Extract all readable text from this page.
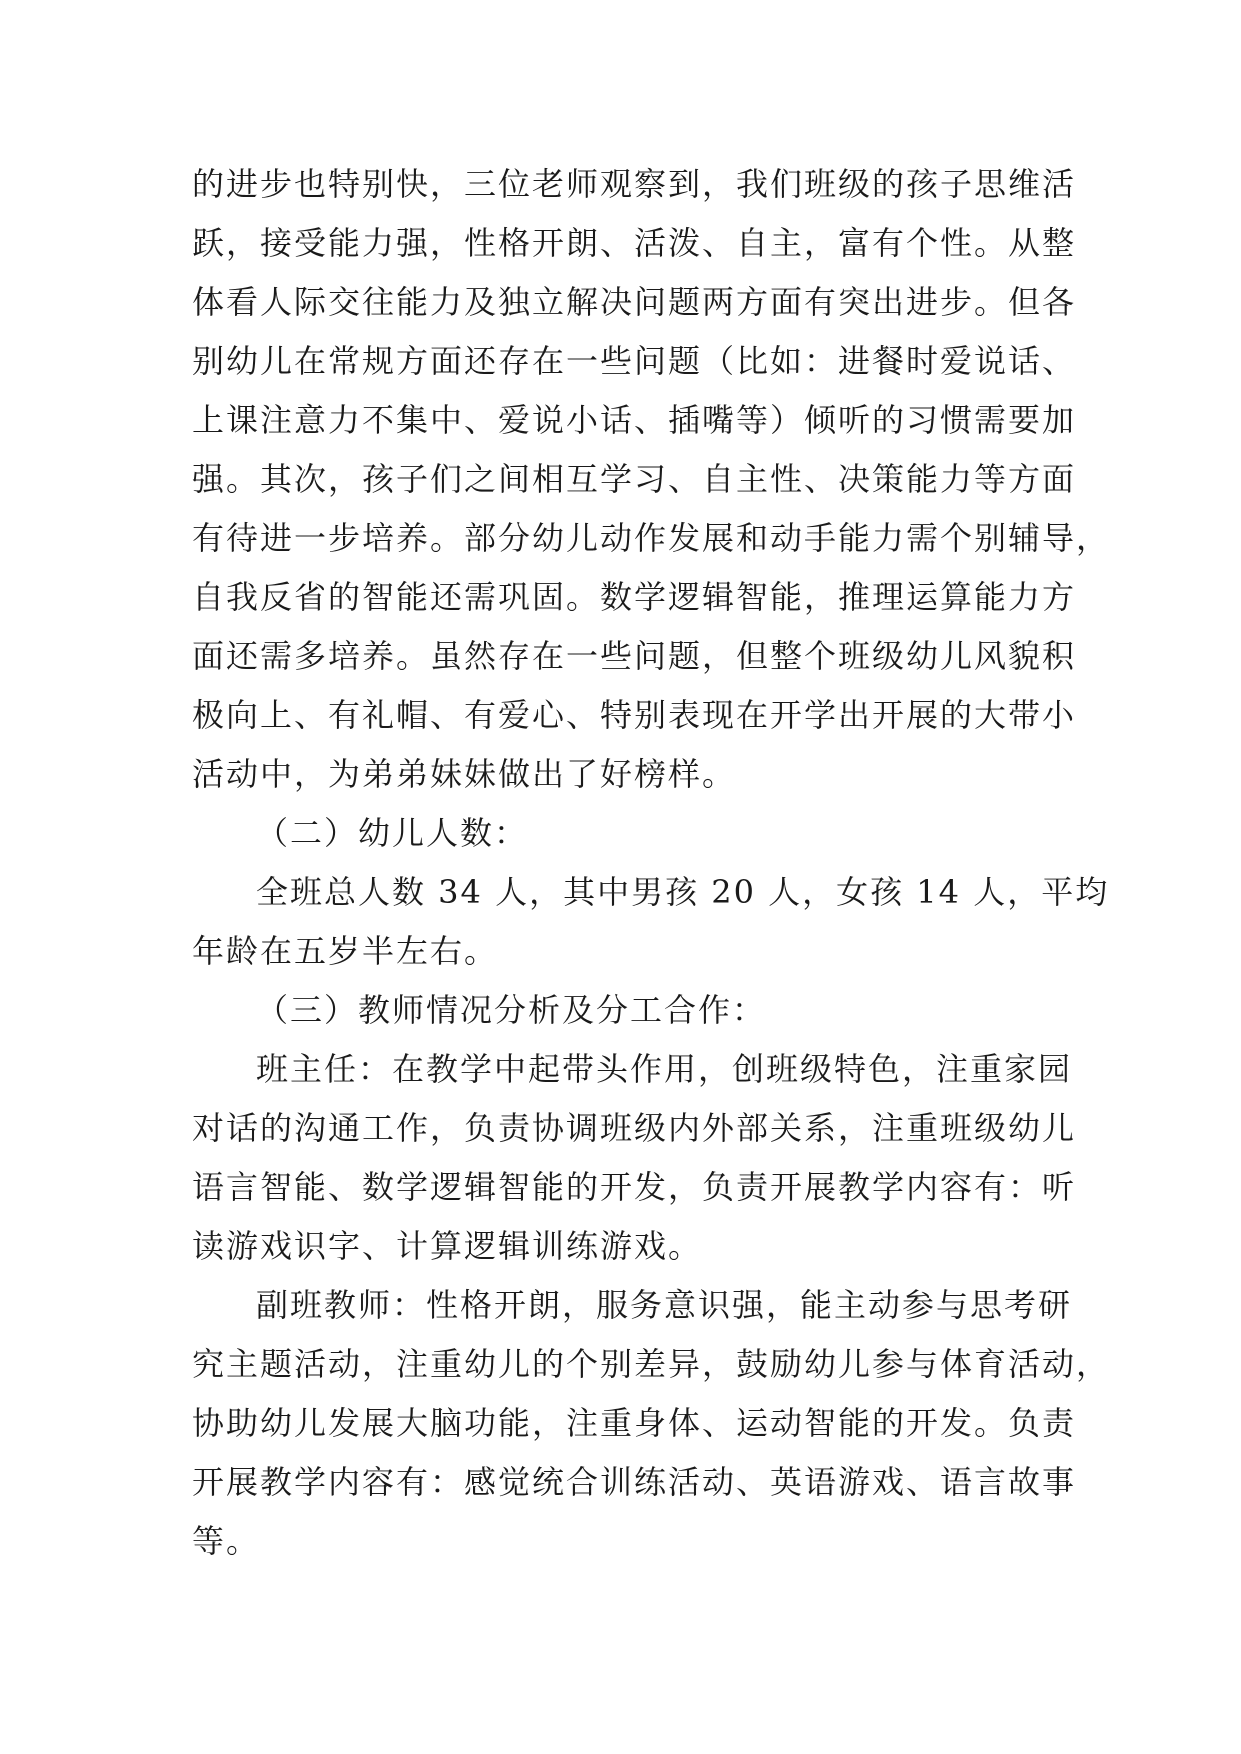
的进步也特别快，三位老师观察到，我们班级的孩子思维活
跃，接受能力强，性格开朗、活泼、自主，富有个性。从整
体看人际交往能力及独立解决问题两方面有突出进步。但各
别幼儿在常规方面还存在一些问题（比如：进餐时爱说话、
上课注意力不集中、爱说小话、插嘴等）倾听的习惯需要加
强。其次，孩子们之间相互学习、自主性、决策能力等方面
有待进一步培养。部分幼儿动作发展和动手能力需个别辅导，
自我反省的智能还需巩固。数学逻辑智能，推理运算能力方
面还需多培养。虽然存在一些问题，但整个班级幼儿风貌积
极向上、有礼帽、有爱心、特别表现在开学出开展的大带小
活动中，为弟弟妹妹做出了好榜样。
（二）幼儿人数：
全班总人数 34 人，其中男孩 20 人，女孩 14 人，平均
年龄在五岁半左右。
（三）教师情况分析及分工合作：
班主任：在教学中起带头作用，创班级特色，注重家园
对话的沟通工作，负责协调班级内外部关系，注重班级幼儿
语言智能、数学逻辑智能的开发，负责开展教学内容有：听
读游戏识字、计算逻辑训练游戏。
副班教师：性格开朗，服务意识强，能主动参与思考研
究主题活动，注重幼儿的个别差异，鼓励幼儿参与体育活动，
协助幼儿发展大脑功能，注重身体、运动智能的开发。负责
开展教学内容有：感觉统合训练活动、英语游戏、语言故事
等。
